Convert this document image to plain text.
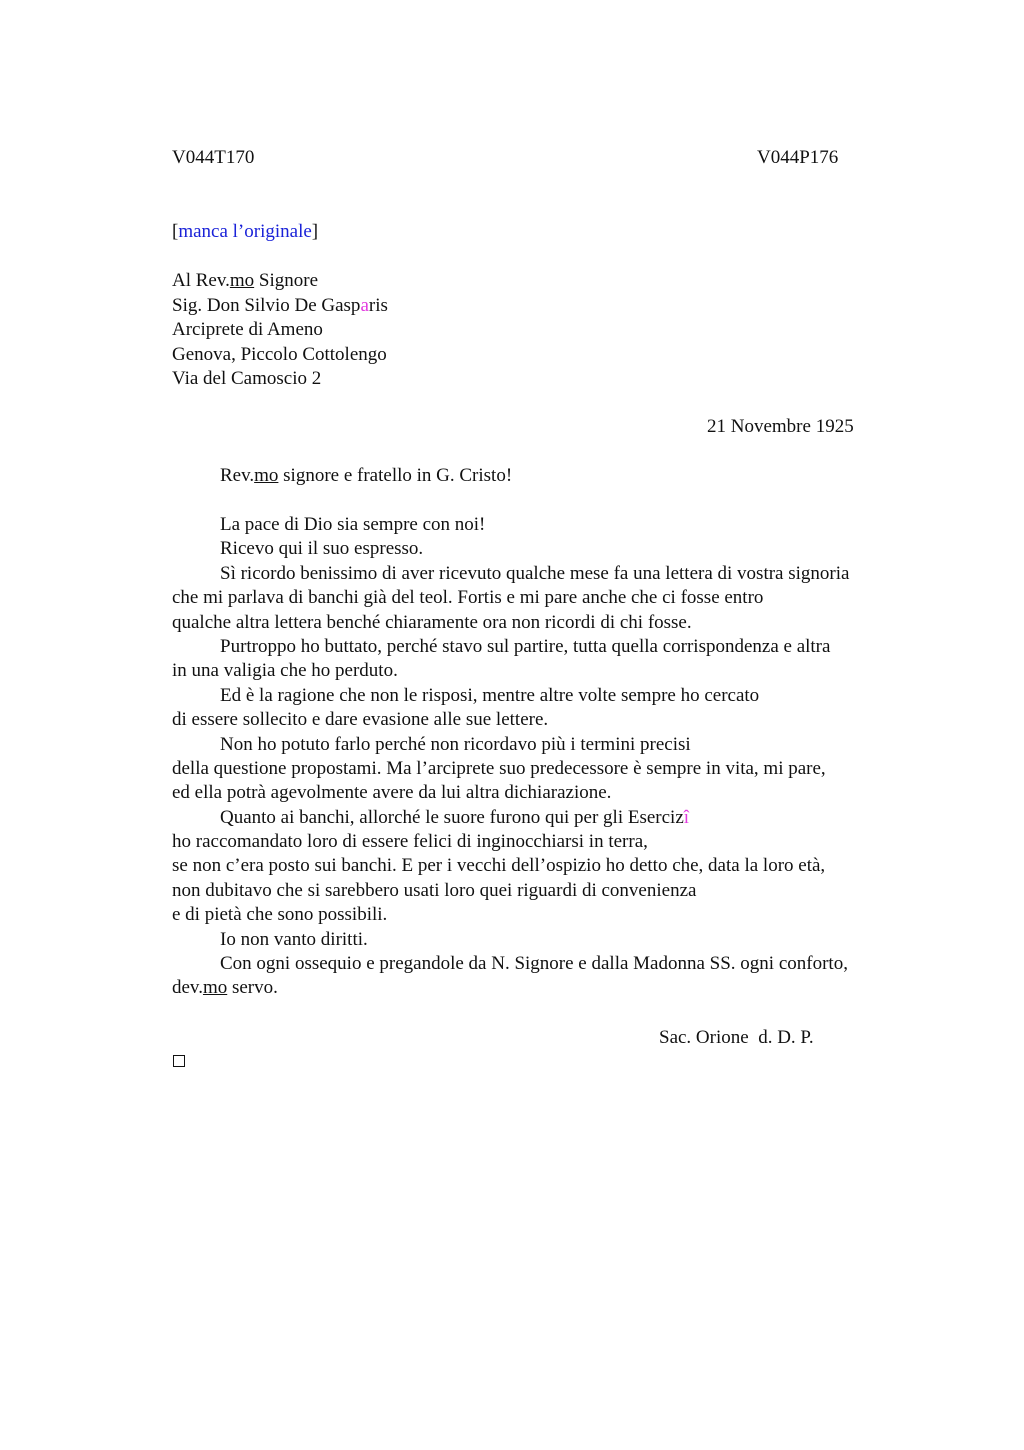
V044T170	V044P176
[manca l’originale]
Al Rev.mo Signore
Sig. Don Silvio De Gasparis
Arciprete di Ameno
Genova, Piccolo Cottolengo
Via del Camoscio 2
21 Novembre 1925
Rev.mo signore e fratello in G. Cristo!
La pace di Dio sia sempre con noi!
Ricevo qui il suo espresso.
Sì ricordo benissimo di aver ricevuto qualche mese fa una lettera di vostra signoria
che mi parlava di banchi già del teol. Fortis e mi pare anche che ci fosse entro
qualche altra lettera benché chiaramente ora non ricordi di chi fosse.
Purtroppo ho buttato, perché stavo sul partire, tutta quella corrispondenza e altra
in una valigia che ho perduto.
Ed è la ragione che non le risposi, mentre altre volte sempre ho cercato
di essere sollecito e dare evasione alle sue lettere.
Non ho potuto farlo perché non ricordavo più i termini precisi
della questione propostami. Ma l’arciprete suo predecessore è sempre in vita, mi pare,
ed ella potrà agevolmente avere da lui altra dichiarazione.
Quanto ai banchi, allorché le suore furono qui per gli Esercizî
ho raccomandato loro di essere felici di inginocchiarsi in terra,
se non c’era posto sui banchi. E per i vecchi dell’ospizio ho detto che, data la loro età,
non dubitavo che si sarebbero usati loro quei riguardi di convenienza
e di pietà che sono possibili.
Io non vanto diritti.
Con ogni ossequio e pregandole da N. Signore e dalla Madonna SS. ogni conforto,
dev.mo servo.
Sac. Orione  d. D. P.
